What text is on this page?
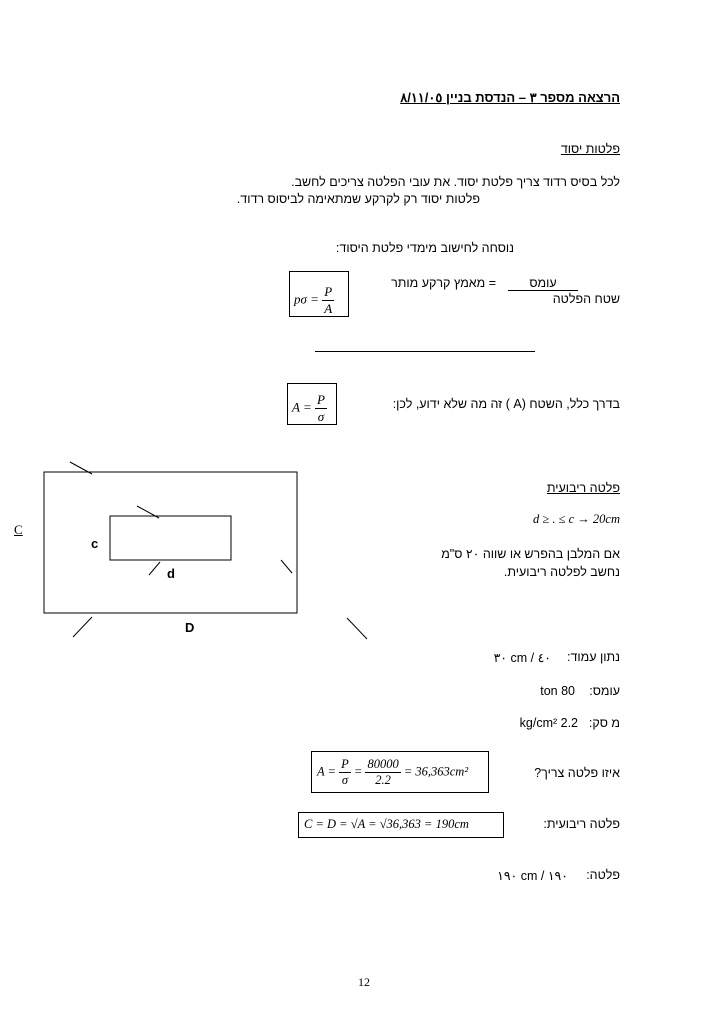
הרצאה מספר ٣ – הנדסת בניין ٨/١١/٠٥
פלטות יסוד
לכל בסיס רדוד צריך פלטת יסוד. את עובי הפלטה צריכים לחשב.
פלטות יסוד רק לקרקע שמתאימה לביסוס רדוד.
נוסחה לחישוב מימדי פלטת היסוד:
עומס
שטח הפלטה
= מאמץ קרקע מותר
$p\sigma = \frac{P}{A}$
$A = \frac{P}{\sigma}$	בדרך כלל, השטח (A ) זה מה שלא ידוע, לכן:
פלטה ריבועית
d ≥ . ≤ c → 20cm
אם המלבן בהפרש או שווה ٢٠ ס"מ
נחשב לפלטה ריבועית.
C
c
d
D
נתון עמוד:
٣٠ cm / ٤٠
עומס:
ton 80
מ סק:
kg/cm² 2.2
$A = \frac{P}{\sigma} = \frac{80000}{2.2} = 36,363cm^2$	איזו פלטה צריך?
C = D = √A = √36,363 = 190cm	פלטה ריבועית:
פלטה:
١٩٠ cm / ١٩٠
12
